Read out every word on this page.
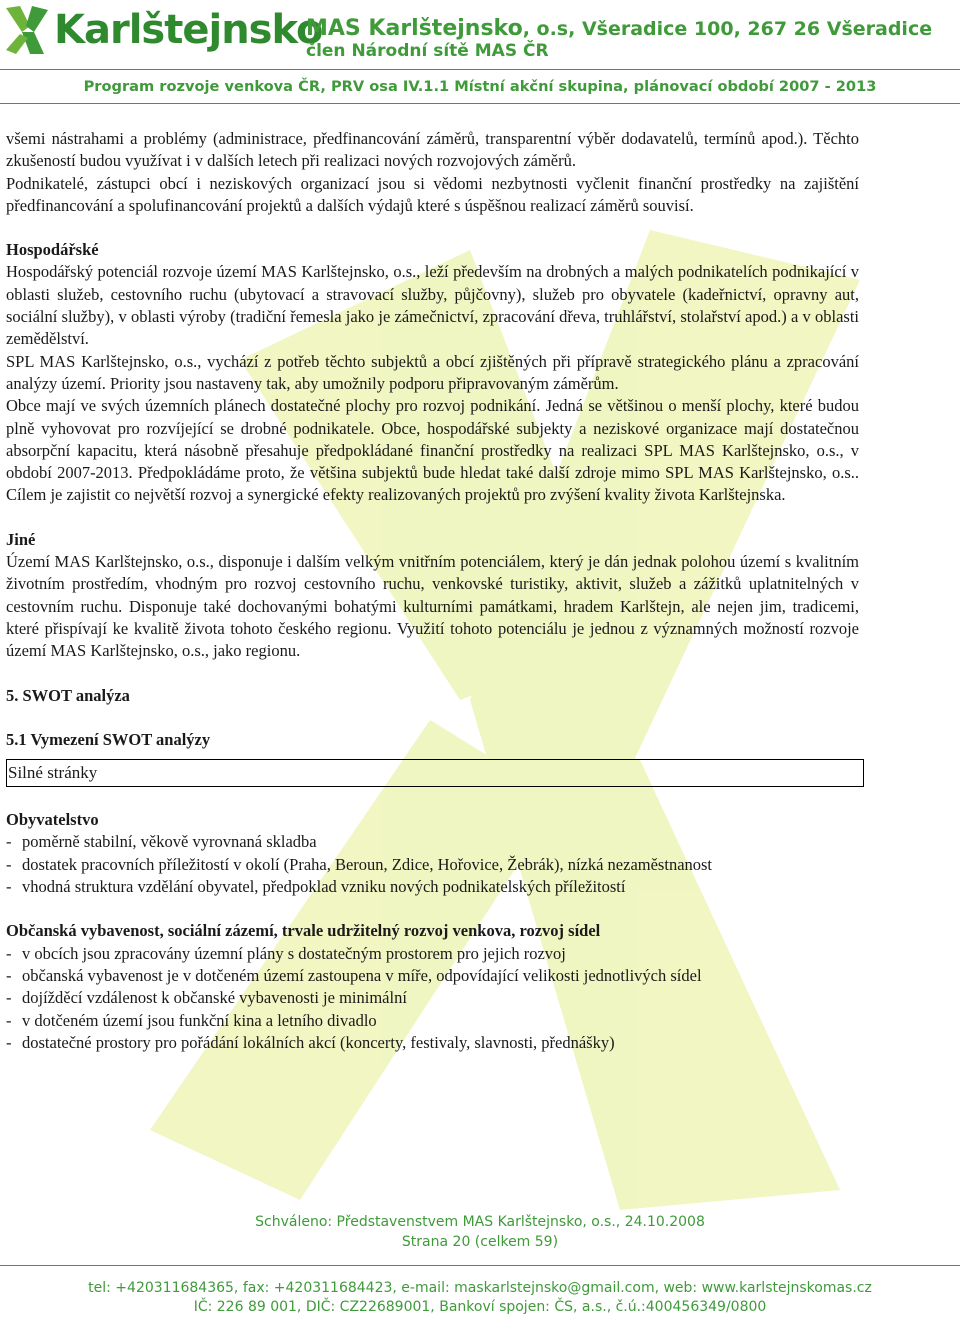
Karlštejnsko
MAS Karlštejnsko, o.s, Všeradice 100, 267 26 Všeradice
člen Národní sítě MAS ČR
Program rozvoje venkova ČR, PRV osa IV.1.1 Místní akční skupina, plánovací období 2007 - 2013

všemi nástrahami a problémy (administrace, předfinancování záměrů, transparentní výběr dodavatelů, termínů apod.). Těchto zkušeností budou využívat i v dalších letech při realizaci nových rozvojových záměrů.

Podnikatelé, zástupci obcí i neziskových organizací jsou si vědomi nezbytnosti vyčlenit finanční prostředky na zajištění předfinancování a spolufinancování projektů a dalších výdajů které s úspěšnou realizací záměrů souvisí.

Hospodářské

Hospodářský potenciál rozvoje území MAS Karlštejnsko, o.s., leží především na drobných a malých podnikatelích podnikající v oblasti služeb, cestovního ruchu (ubytovací a stravovací služby, půjčovny), služeb pro obyvatele (kadeřnictví, opravny aut, sociální služby), v oblasti výroby (tradiční řemesla jako je zámečnictví, zpracování dřeva, truhlářství, stolařství apod.) a v oblasti zemědělství.

SPL MAS Karlštejnsko, o.s., vychází z potřeb těchto subjektů a obcí zjištěných při přípravě strategického plánu a zpracování analýzy území. Priority jsou nastaveny tak, aby umožnily podporu připravovaným záměrům.

Obce mají ve svých územních plánech dostatečné plochy pro rozvoj podnikání. Jedná se většinou o menší plochy, které budou plně vyhovovat pro rozvíjející se drobné podnikatele. Obce, hospodářské subjekty a neziskové organizace mají dostatečnou absorpční kapacitu, která násobně přesahuje předpokládané finanční prostředky na realizaci SPL MAS Karlštejnsko, o.s., v období 2007-2013. Předpokládáme proto, že většina subjektů bude hledat také další zdroje mimo SPL MAS Karlštejnsko, o.s.. Cílem je zajistit co největší rozvoj a synergické efekty realizovaných projektů pro zvýšení kvality života Karlštejnska.

Jiné

Území MAS Karlštejnsko, o.s., disponuje i dalším velkým vnitřním potenciálem, který je dán jednak polohou území s kvalitním životním prostředím, vhodným pro rozvoj cestovního ruchu, venkovské turistiky, aktivit, služeb a zážitků uplatnitelných v cestovním ruchu. Disponuje také dochovanými bohatými kulturními památkami, hradem Karlštejn, ale nejen jim, tradicemi, které přispívají ke kvalitě života tohoto českého regionu. Využití tohoto potenciálu je jednou z významných možností rozvoje území MAS Karlštejnsko, o.s., jako regionu.

5. SWOT analýza

5.1 Vymezení SWOT analýzy

Silné stránky

Obyvatelstvo

- poměrně stabilní, věkově vyrovnaná skladba
- dostatek pracovních příležitostí v okolí (Praha, Beroun, Zdice, Hořovice, Žebrák), nízká nezaměstnanost
- vhodná struktura vzdělání obyvatel, předpoklad vzniku nových podnikatelských příležitostí

Občanská vybavenost, sociální zázemí, trvale udržitelný rozvoj venkova, rozvoj sídel

- v obcích jsou zpracovány územní plány s dostatečným prostorem pro jejich rozvoj
- občanská vybavenost je v dotčeném území zastoupena v míře, odpovídající velikosti jednotlivých sídel
- dojížděcí vzdálenost k občanské vybavenosti je minimální
- v dotčeném území jsou funkční kina a letního divadlo
- dostatečné prostory pro pořádání lokálních akcí (koncerty, festivaly, slavnosti, přednášky)
Schváleno: Představenstvem MAS Karlštejnsko, o.s., 24.10.2008
Strana 20 (celkem 59)
tel: +420311684365, fax: +420311684423, e-mail: maskarlstejnsko@gmail.com, web: www.karlstejnskomas.cz
IČ: 226 89 001, DIČ: CZ22689001, Bankoví spojen: ČS, a.s., č.ú.:400456349/0800
